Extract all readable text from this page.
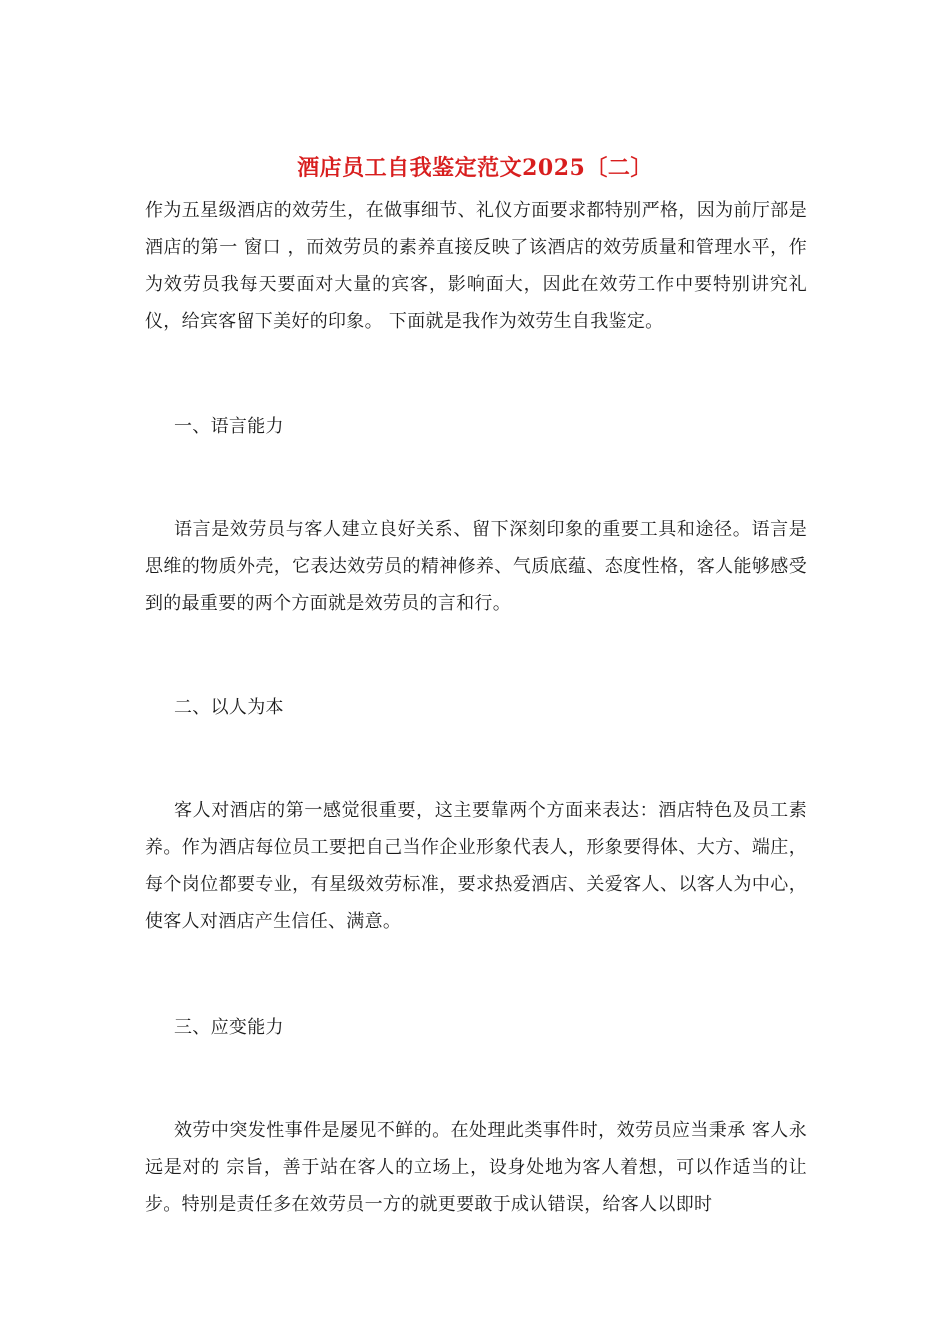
酒店员工自我鉴定范文2025〔二〕

作为五星级酒店的效劳生，在做事细节、礼仪方面要求都特别严格，因为前厅部是酒店的第一 窗口 ，而效劳员的素养直接反映了该酒店的效劳质量和管理水平，作为效劳员我每天要面对大量的宾客，影响面大，因此在效劳工作中要特别讲究礼仪，给宾客留下美好的印象。 下面就是我作为效劳生自我鉴定。

一、语言能力

语言是效劳员与客人建立良好关系、留下深刻印象的重要工具和途径。语言是思维的物质外壳，它表达效劳员的精神修养、气质底蕴、态度性格，客人能够感受到的最重要的两个方面就是效劳员的言和行。

二、以人为本

客人对酒店的第一感觉很重要，这主要靠两个方面来表达：酒店特色及员工素养。作为酒店每位员工要把自己当作企业形象代表人，形象要得体、大方、端庄，每个岗位都要专业，有星级效劳标准，要求热爱酒店、关爱客人、以客人为中心，使客人对酒店产生信任、满意。

三、应变能力

效劳中突发性事件是屡见不鲜的。在处理此类事件时，效劳员应当秉承 客人永远是对的 宗旨，善于站在客人的立场上，设身处地为客人着想，可以作适当的让步。特别是责任多在效劳员一方的就更要敢于成认错误，给客人以即时
